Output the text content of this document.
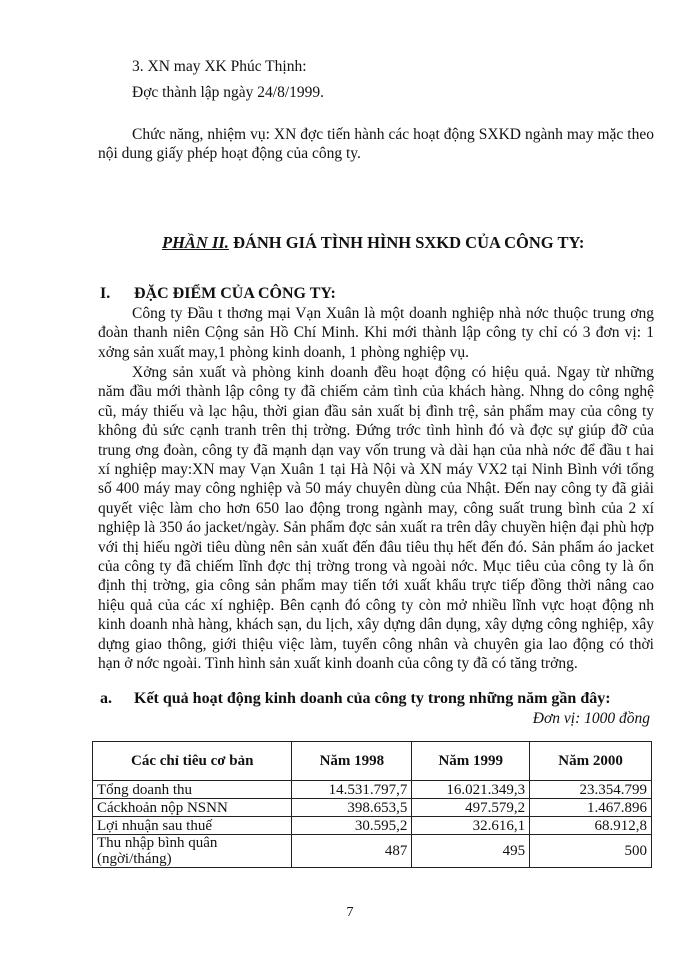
3. XN may XK Phúc Thịnh:
Đợc thành lập ngày 24/8/1999.
Chức năng, nhiệm vụ: XN đợc tiến hành các hoạt động SXKD ngành may mặc theo nội dung giấy phép hoạt động của công ty.
PHẦN II. ĐÁNH GIÁ TÌNH HÌNH SXKD CỦA CÔNG TY:
I. ĐẶC ĐIỂM CỦA CÔNG TY:
Công ty Đầu t thơng mại Vạn Xuân là một doanh nghiệp nhà nớc thuộc trung ơng đoàn thanh niên Cộng sản Hồ Chí Minh. Khi mới thành lập công ty chỉ có 3 đơn vị: 1 xởng sản xuất may,1 phòng kinh doanh, 1 phòng nghiệp vụ.
Xởng sản xuất và phòng kinh doanh đều hoạt động có hiệu quả. Ngay từ những năm đầu mới thành lập công ty đã chiếm cảm tình của khách hàng. Nhng do công nghệ cũ, máy thiếu và lạc hậu, thời gian đầu sản xuất bị đình trệ, sản phẩm may của công ty không đủ sức cạnh tranh trên thị trờng. Đứng trớc tình hình đó và đợc sự giúp đỡ của trung ơng đoàn, công ty đã mạnh dạn vay vốn trung và dài hạn của nhà nớc để đầu t hai xí nghiệp may:XN may Vạn Xuân 1 tại Hà Nội và XN máy VX2 tại Ninh Bình với tổng số 400 máy may công nghiệp và 50 máy chuyên dùng của Nhật. Đến nay công ty đã giải quyết việc làm cho hơn 650 lao động trong ngành may, công suất trung bình của 2 xí nghiệp là 350 áo jacket/ngày. Sản phẩm đợc sản xuất ra trên dây chuyền hiện đại phù hợp với thị hiếu ngời tiêu dùng nên sản xuất đến đâu tiêu thụ hết đến đó. Sản phẩm áo jacket của công ty đã chiếm lĩnh đợc thị trờng trong và ngoài nớc. Mục tiêu của công ty là ổn định thị trờng, gia công sản phẩm may tiến tới xuất khẩu trực tiếp đồng thời nâng cao hiệu quả của các xí nghiệp. Bên cạnh đó công ty còn mở nhiều lĩnh vực hoạt động nh kinh doanh nhà hàng, khách sạn, du lịch, xây dựng dân dụng, xây dựng công nghiệp, xây dựng giao thông, giới thiệu việc làm, tuyển công nhân và chuyên gia lao động có thời hạn ở nớc ngoài. Tình hình sản xuất kinh doanh của công ty đã có tăng trởng.
a. Kết quả hoạt động kinh doanh của công ty trong những năm gần đây:
Đơn vị: 1000 đồng
Các chỉ tiêu cơ bản	Năm 1998	Năm 1999	Năm 2000
Tổng doanh thu	14.531.797,7	16.021.349,3	23.354.799
Cáckhoản nộp NSNN	398.653,5	497.579,2	1.467.896
Lợi nhuận sau thuế	30.595,2	32.616,1	68.912,8
Thu nhập bình quân (ngời/tháng)	487	495	500
7
